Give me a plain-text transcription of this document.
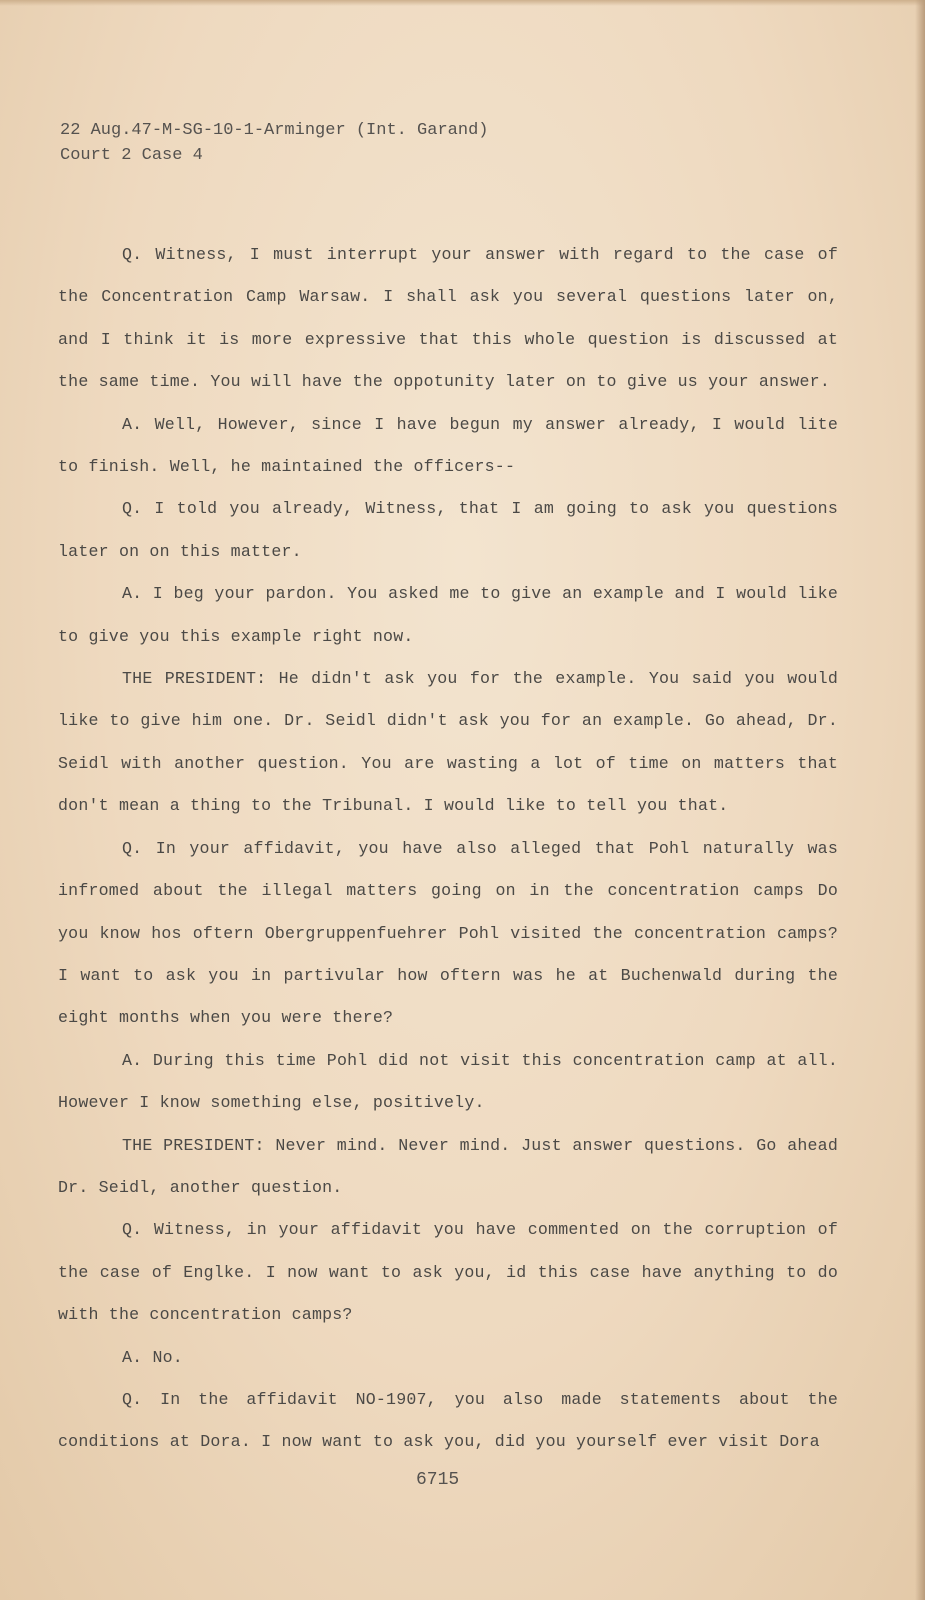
22 Aug.47-M-SG-10-1-Arminger (Int. Garand)
Court 2 Case 4

Q. Witness, I must interrupt your answer with regard to the case of the Concentration Camp Warsaw. I shall ask you several questions later on, and I think it is more expressive that this whole question is discussed at the same time. You will have the oppotunity later on to give us your answer.

A. Well, However, since I have begun my answer already, I would lite to finish. Well, he maintained the officers--

Q. I told you already, Witness, that I am going to ask you questions later on on this matter.

A. I beg your pardon. You asked me to give an example and I would like to give you this example right now.

THE PRESIDENT: He didn't ask you for the example. You said you would like to give him one. Dr. Seidl didn't ask you for an example. Go ahead, Dr. Seidl with another question. You are wasting a lot of time on matters that don't mean a thing to the Tribunal. I would like to tell you that.

Q. In your affidavit, you have also alleged that Pohl naturally was infromed about the illegal matters going on in the concentration camps Do you know hos oftern Obergruppenfuehrer Pohl visited the concentration camps? I want to ask you in partivular how oftern was he at Buchenwald during the eight months when you were there?

A. During this time Pohl did not visit this concentration camp at all. However I know something else, positively.

THE PRESIDENT: Never mind. Never mind. Just answer questions. Go ahead Dr. Seidl, another question.

Q. Witness, in your affidavit you have commented on the corruption of the case of Englke. I now want to ask you, id this case have anything to do with the concentration camps?

A. No.

Q. In the affidavit NO-1907, you also made statements about the conditions at Dora. I now want to ask you, did you yourself ever visit Dora

6715
